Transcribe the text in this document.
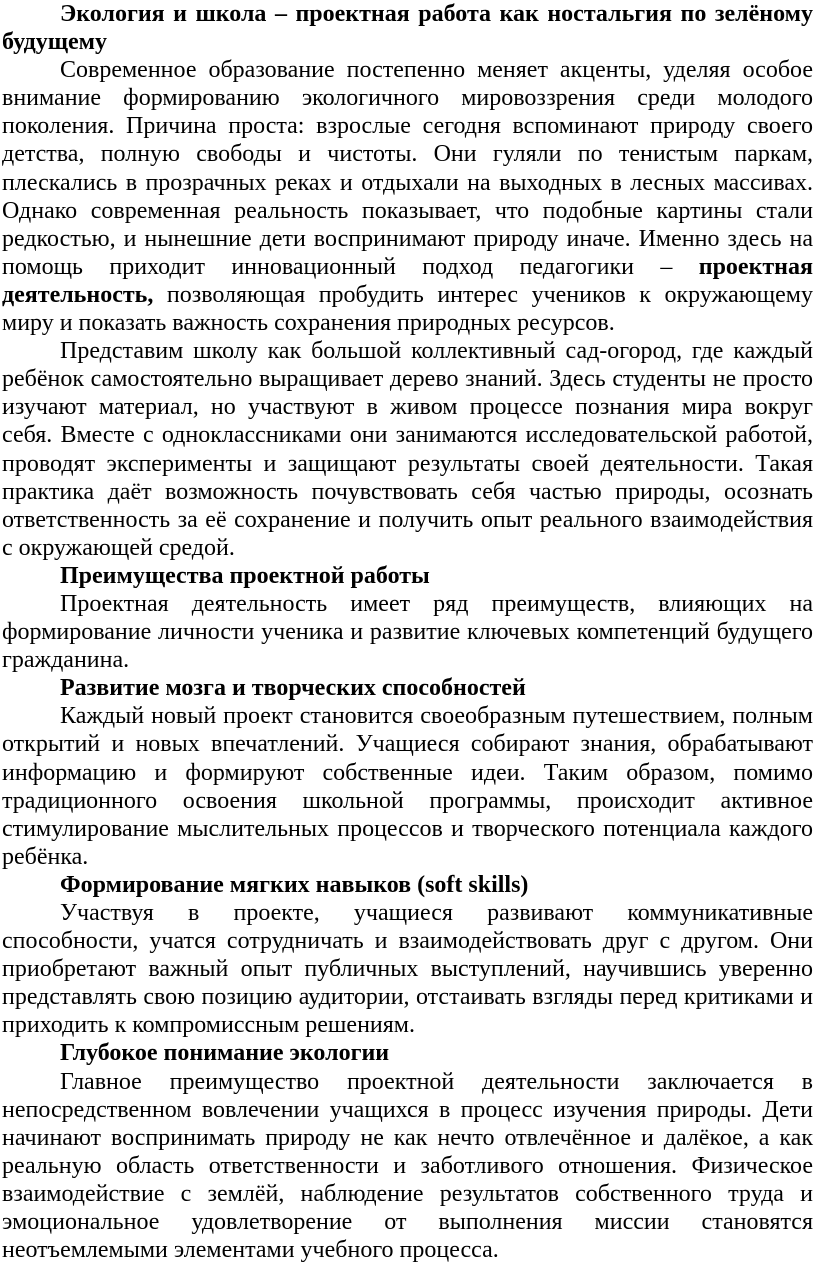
Экология и школа – проектная работа как ностальгия по зелёному будущему

Современное образование постепенно меняет акценты, уделяя особое внимание формированию экологичного мировоззрения среди молодого поколения. Причина проста: взрослые сегодня вспоминают природу своего детства, полную свободы и чистоты. Они гуляли по тенистым паркам, плескались в прозрачных реках и отдыхали на выходных в лесных массивах. Однако современная реальность показывает, что подобные картины стали редкостью, и нынешние дети воспринимают природу иначе. Именно здесь на помощь приходит инновационный подход педагогики – проектная деятельность, позволяющая пробудить интерес учеников к окружающему миру и показать важность сохранения природных ресурсов.

Представим школу как большой коллективный сад-огород, где каждый ребёнок самостоятельно выращивает дерево знаний. Здесь студенты не просто изучают материал, но участвуют в живом процессе познания мира вокруг себя. Вместе с одноклассниками они занимаются исследовательской работой, проводят эксперименты и защищают результаты своей деятельности. Такая практика даёт возможность почувствовать себя частью природы, осознать ответственность за её сохранение и получить опыт реального взаимодействия с окружающей средой.

Преимущества проектной работы

Проектная деятельность имеет ряд преимуществ, влияющих на формирование личности ученика и развитие ключевых компетенций будущего гражданина.

Развитие мозга и творческих способностей

Каждый новый проект становится своеобразным путешествием, полным открытий и новых впечатлений. Учащиеся собирают знания, обрабатывают информацию и формируют собственные идеи. Таким образом, помимо традиционного освоения школьной программы, происходит активное стимулирование мыслительных процессов и творческого потенциала каждого ребёнка.

Формирование мягких навыков (soft skills)

Участвуя в проекте, учащиеся развивают коммуникативные способности, учатся сотрудничать и взаимодействовать друг с другом. Они приобретают важный опыт публичных выступлений, научившись уверенно представлять свою позицию аудитории, отстаивать взгляды перед критиками и приходить к компромиссным решениям.

Глубокое понимание экологии

Главное преимущество проектной деятельности заключается в непосредственном вовлечении учащихся в процесс изучения природы. Дети начинают воспринимать природу не как нечто отвлечённое и далёкое, а как реальную область ответственности и заботливого отношения. Физическое взаимодействие с землёй, наблюдение результатов собственного труда и эмоциональное удовлетворение от выполнения миссии становятся неотъемлемыми элементами учебного процесса.
